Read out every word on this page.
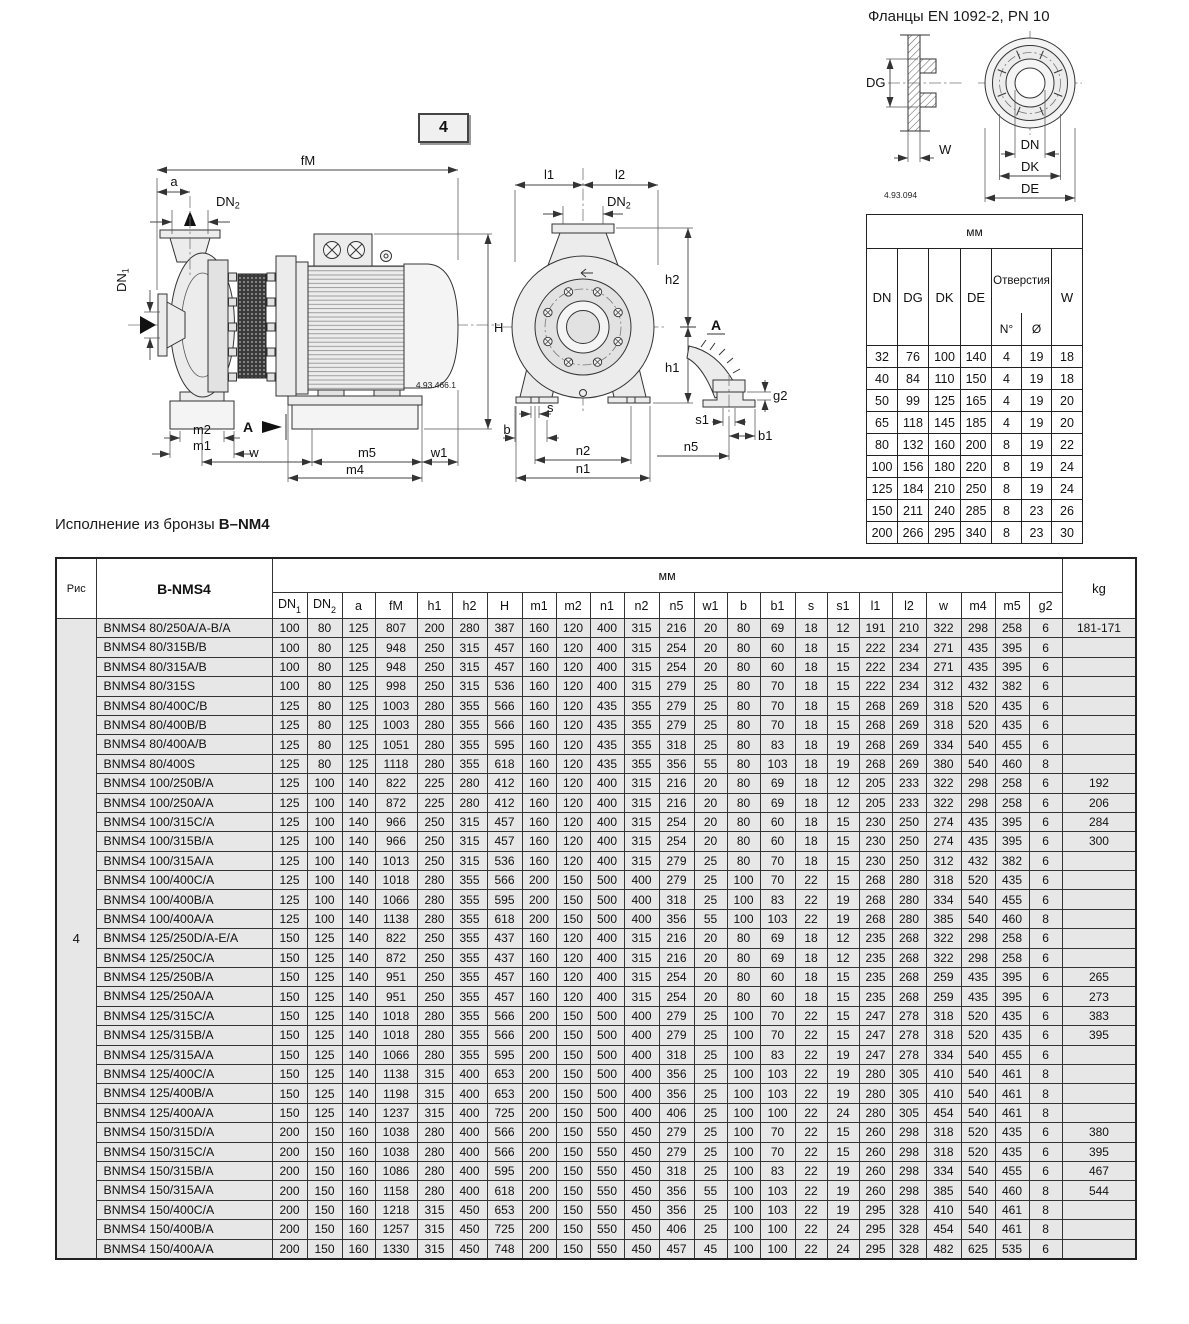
Фланцы EN 1092-2, PN 10
4
DG
W
4.93.094
DN
DK
DE
мм						
DN	DG	DK	DE	Отверстия		W
				N°	Ø	
32	76	100	140	4	19	18
40	84	110	150	4	19	18
50	99	125	165	4	19	20
65	118	145	185	4	19	20
80	132	160	200	8	19	22
100	156	180	220	8	19	24
125	184	210	250	8	19	24
150	211	240	285	8	23	26
200	266	295	340	8	23	30
fM
a
DN2
DN1
H
4.93.466.1
m2
m1
A
w	m5	w1
m4
l1	l2
DN2
h2
h1
s
b
n2
n1
A
g2
s1
b1
n5
Исполнение из бронзы B–NM4
Рис	B-NMS4	мм																							kg
		$DN_1$	$DN_2$	a	fM	h1	h2	H	m1	m2	n1	n2	n5	w1	b	b1	s	s1	l1	l2	w	m4	m5	g2	
4	BNMS4 80/250A/A-B/A	100	80	125	807	200	280	387	160	120	400	315	216	20	80	69	18	12	191	210	322	298	258	6	181-171
	BNMS4 80/315B/B	100	80	125	948	250	315	457	160	120	400	315	254	20	80	60	18	15	222	234	271	435	395	6	
	BNMS4 80/315A/B	100	80	125	948	250	315	457	160	120	400	315	254	20	80	60	18	15	222	234	271	435	395	6	
	BNMS4 80/315S	100	80	125	998	250	315	536	160	120	400	315	279	25	80	70	18	15	222	234	312	432	382	6	
	BNMS4 80/400C/B	125	80	125	1003	280	355	566	160	120	435	355	279	25	80	70	18	15	268	269	318	520	435	6	
	BNMS4 80/400B/B	125	80	125	1003	280	355	566	160	120	435	355	279	25	80	70	18	15	268	269	318	520	435	6	
	BNMS4 80/400A/B	125	80	125	1051	280	355	595	160	120	435	355	318	25	80	83	18	19	268	269	334	540	455	6	
	BNMS4 80/400S	125	80	125	1118	280	355	618	160	120	435	355	356	55	80	103	18	19	268	269	380	540	460	8	
	BNMS4 100/250B/A	125	100	140	822	225	280	412	160	120	400	315	216	20	80	69	18	12	205	233	322	298	258	6	192
	BNMS4 100/250A/A	125	100	140	872	225	280	412	160	120	400	315	216	20	80	69	18	12	205	233	322	298	258	6	206
	BNMS4 100/315C/A	125	100	140	966	250	315	457	160	120	400	315	254	20	80	60	18	15	230	250	274	435	395	6	284
	BNMS4 100/315B/A	125	100	140	966	250	315	457	160	120	400	315	254	20	80	60	18	15	230	250	274	435	395	6	300
	BNMS4 100/315A/A	125	100	140	1013	250	315	536	160	120	400	315	279	25	80	70	18	15	230	250	312	432	382	6	
	BNMS4 100/400C/A	125	100	140	1018	280	355	566	200	150	500	400	279	25	100	70	22	15	268	280	318	520	435	6	
	BNMS4 100/400B/A	125	100	140	1066	280	355	595	200	150	500	400	318	25	100	83	22	19	268	280	334	540	455	6	
	BNMS4 100/400A/A	125	100	140	1138	280	355	618	200	150	500	400	356	55	100	103	22	19	268	280	385	540	460	8	
	BNMS4 125/250D/A-E/A	150	125	140	822	250	355	437	160	120	400	315	216	20	80	69	18	12	235	268	322	298	258	6	
	BNMS4 125/250C/A	150	125	140	872	250	355	437	160	120	400	315	216	20	80	69	18	12	235	268	322	298	258	6	
	BNMS4 125/250B/A	150	125	140	951	250	355	457	160	120	400	315	254	20	80	60	18	15	235	268	259	435	395	6	265
	BNMS4 125/250A/A	150	125	140	951	250	355	457	160	120	400	315	254	20	80	60	18	15	235	268	259	435	395	6	273
	BNMS4 125/315C/A	150	125	140	1018	280	355	566	200	150	500	400	279	25	100	70	22	15	247	278	318	520	435	6	383
	BNMS4 125/315B/A	150	125	140	1018	280	355	566	200	150	500	400	279	25	100	70	22	15	247	278	318	520	435	6	395
	BNMS4 125/315A/A	150	125	140	1066	280	355	595	200	150	500	400	318	25	100	83	22	19	247	278	334	540	455	6	
	BNMS4 125/400C/A	150	125	140	1138	315	400	653	200	150	500	400	356	25	100	103	22	19	280	305	410	540	461	8	
	BNMS4 125/400B/A	150	125	140	1198	315	400	653	200	150	500	400	356	25	100	103	22	19	280	305	410	540	461	8	
	BNMS4 125/400A/A	150	125	140	1237	315	400	725	200	150	500	400	406	25	100	100	22	24	280	305	454	540	461	8	
	BNMS4 150/315D/A	200	150	160	1038	280	400	566	200	150	550	450	279	25	100	70	22	15	260	298	318	520	435	6	380
	BNMS4 150/315C/A	200	150	160	1038	280	400	566	200	150	550	450	279	25	100	70	22	15	260	298	318	520	435	6	395
	BNMS4 150/315B/A	200	150	160	1086	280	400	595	200	150	550	450	318	25	100	83	22	19	260	298	334	540	455	6	467
	BNMS4 150/315A/A	200	150	160	1158	280	400	618	200	150	550	450	356	55	100	103	22	19	260	298	385	540	460	8	544
	BNMS4 150/400C/A	200	150	160	1218	315	450	653	200	150	550	450	356	25	100	103	22	19	295	328	410	540	461	8	
	BNMS4 150/400B/A	200	150	160	1257	315	450	725	200	150	550	450	406	25	100	100	22	24	295	328	454	540	461	8	
	BNMS4 150/400A/A	200	150	160	1330	315	450	748	200	150	550	450	457	45	100	100	22	24	295	328	482	625	535	6	
